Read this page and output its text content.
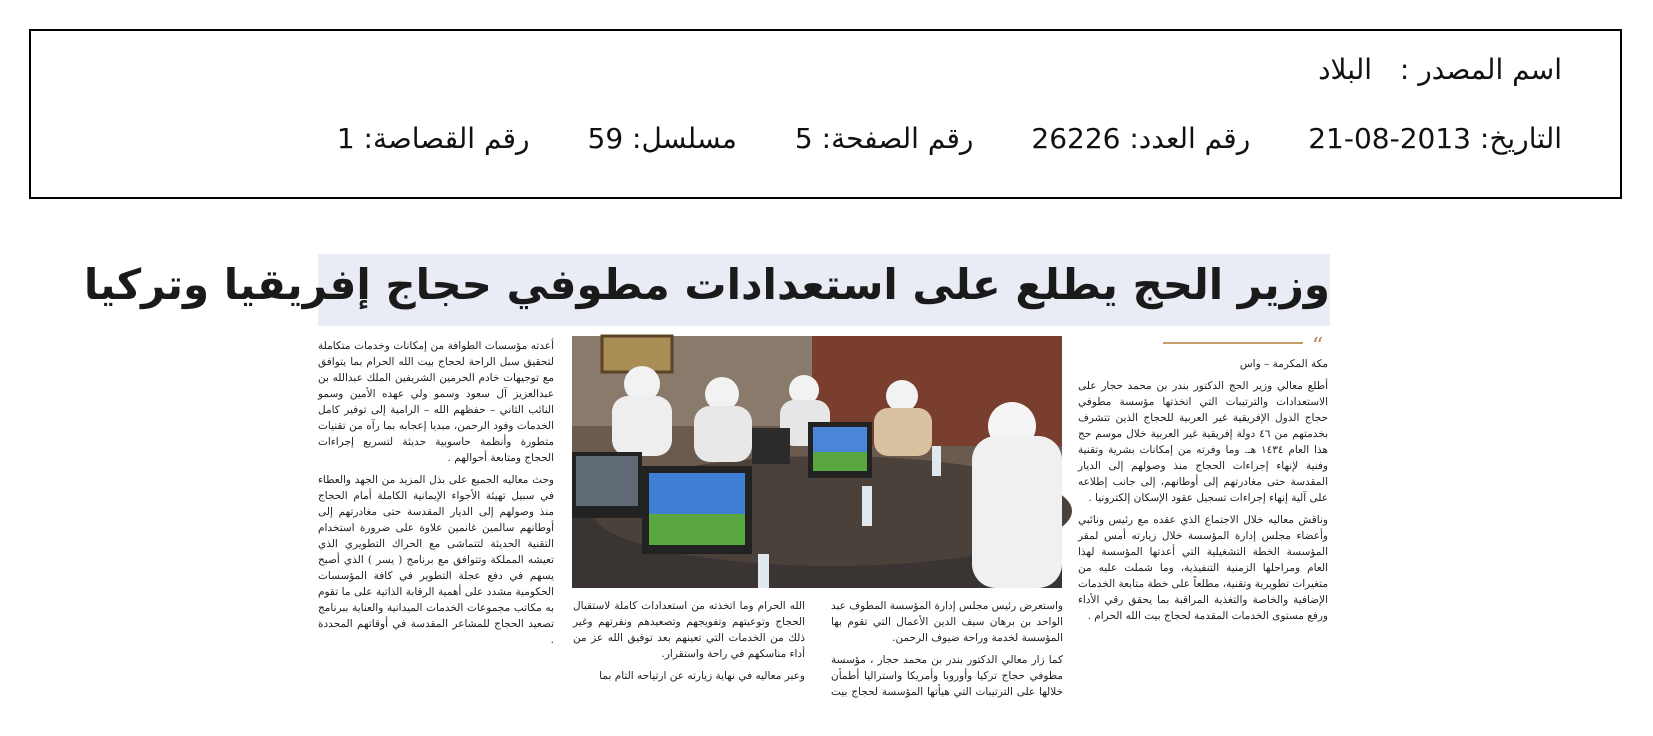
اسم المصدر :
البلاد
التاريخ: 2013-08-21
رقم العدد: 26226
رقم الصفحة: 5
مسلسل: 59
رقم القصاصة: 1
وزير الحج يطلع على استعدادات مطوفي حجاج إفريقيا وتركيا
“

مكة المكرمة – واس

أطلع معالي وزير الحج الدكتور بندر بن محمد حجار على الاستعدادات والترتيبات التي اتخذتها مؤسسة مطوفي حجاج الدول الإفريقية غير العربية للحجاج الذين تتشرف بخدمتهم من ٤٦ دولة إفريقية غير العربية خلال موسم حج هذا العام ١٤٣٤ هـ. وما وفرته من إمكانات بشرية وتقنية وفنية لإنهاء إجراءات الحجاج منذ وصولهم إلى الديار المقدسة حتى مغادرتهم إلى أوطانهم، إلى جانب إطلاعه على آلية إنهاء إجراءات تسجيل عقود الإسكان إلكترونيا .

وناقش معاليه خلال الاجتماع الذي عقده مع رئيس ونائبي وأعضاء مجلس إدارة المؤسسة خلال زيارته أمس لمقر المؤسسة الخطة التشغيلية التي أعدتها المؤسسة لهذا العام ومراحلها الزمنية التنفيذية، وما شملت عليه من متغيرات تطويرية وتقنية، مطلعاً على خطة متابعة الخدمات الإضافية والخاصة والتغذية المراقبة بما يحقق رقي الأداء ورفع مستوى الخدمات المقدمة لحجاج بيت الله الحرام .

واستعرض رئيس مجلس إدارة المؤسسة المطوف عبد الواحد بن برهان سيف الدين الأعمال التي تقوم بها المؤسسة لخدمة وراحة ضيوف الرحمن.

كما زار معالي الدكتور بندر بن محمد حجار ، مؤسسة مطوفي حجاج تركيا وأوروبا وأمريكا واستراليا أطمأن خلالها على الترتيبات التي هيأتها المؤسسة لحجاج بيت الله الحرام وما اتخذته من استعدادات كاملة لاستقبال الحجاج وتوعيتهم وتفويجهم وتصعيدهم ونفرتهم وغير ذلك من الخدمات التي تعينهم بعد توفيق الله عز من أداء مناسكهم في راحة واستقرار.

وعبر معاليه في نهاية زيارته عن ارتياحه التام بما

أعدته مؤسسات الطوافة من إمكانات وخدمات متكاملة لتحقيق سبل الراحة لحجاج بيت الله الحرام بما يتوافق مع توجيهات خادم الحرمين الشريفين الملك عبدالله بن عبدالعزيز آل سعود وسمو ولي عهده الأمين وسمو النائب الثاني – حفظهم الله – الرامية إلى توفير كامل الخدمات وفود الرحمن، مبديا إعجابه بما رآه من تقنيات متطورة وأنظمة حاسوبية حديثة لتسريع إجراءات الحجاج ومتابعة أحوالهم .

وحث معاليه الجميع على بذل المزيد من الجهد والعطاء في سبيل تهيئة الأجواء الإيمانية الكاملة أمام الحجاج منذ وصولهم إلى الديار المقدسة حتى مغادرتهم إلى أوطانهم سالمين غانمين علاوة على ضرورة استخدام التقنية الحديثة لتتماشى مع الحراك التطويري الذي تعيشه المملكة وتتوافق مع برنامج ( يسر ) الذي أصبح يسهم في دفع عجلة التطوير في كافة المؤسسات الحكومية مشدد على أهمية الرقابة الذاتية على ما تقوم به مكاتب مجموعات الخدمات الميدانية والعناية ببرنامج تصعيد الحجاج للمشاعر المقدسة في أوقاتهم المحددة .
